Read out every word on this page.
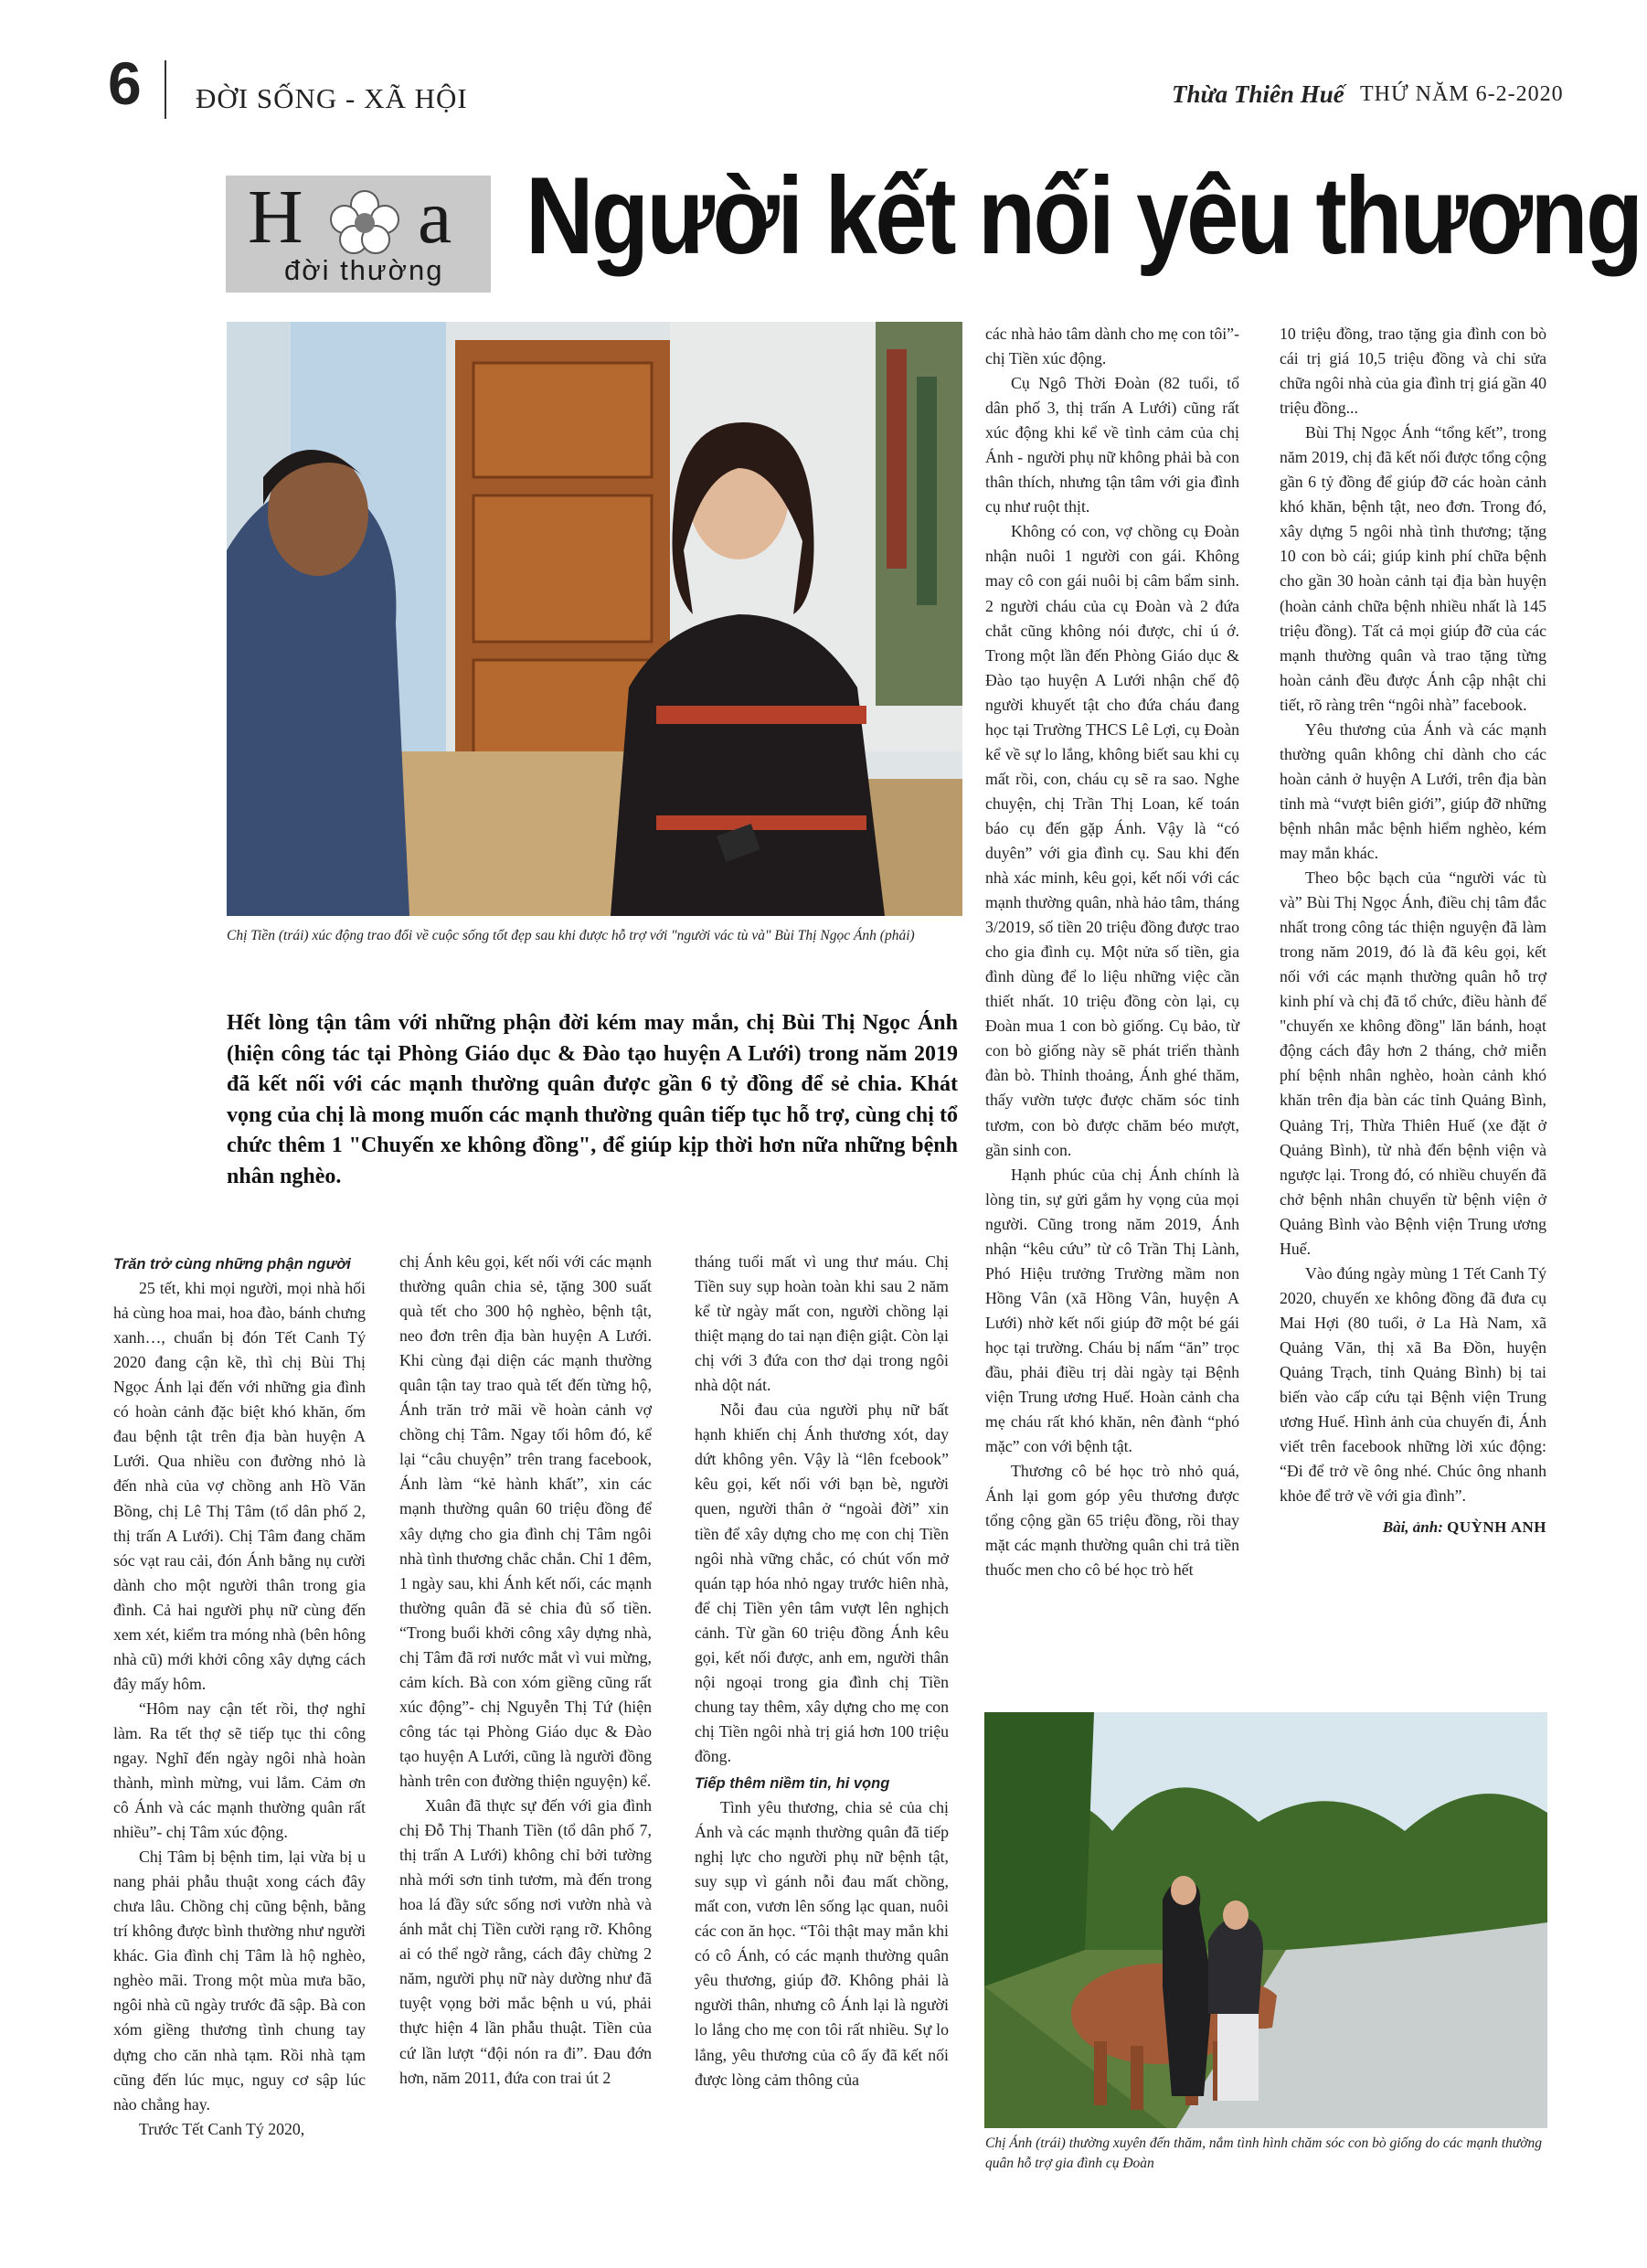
6 ĐỜI SỐNG - XÃ HỘI	Thừa Thiên Huế THỨ NĂM 6-2-2020
H a
đời thường Người kết nối yêu thương
Chị Tiền (trái) xúc động trao đổi về cuộc sống tốt đẹp sau khi được hỗ trợ với "người vác tù và" Bùi Thị Ngọc Ánh (phải)
Hết lòng tận tâm với những phận đời kém may mắn, chị Bùi Thị Ngọc Ánh (hiện công tác tại Phòng Giáo dục & Đào tạo huyện A Lưới) trong năm 2019 đã kết nối với các mạnh thường quân được gần 6 tỷ đồng để sẻ chia. Khát vọng của chị là mong muốn các mạnh thường quân tiếp tục hỗ trợ, cùng chị tổ chức thêm 1 "Chuyến xe không đồng", để giúp kịp thời hơn nữa những bệnh nhân nghèo.

Trăn trở cùng những phận người

25 tết, khi mọi người, mọi nhà hối hả cùng hoa mai, hoa đào, bánh chưng xanh…, chuẩn bị đón Tết Canh Tý 2020 đang cận kề, thì chị Bùi Thị Ngọc Ánh lại đến với những gia đình có hoàn cảnh đặc biệt khó khăn, ốm đau bệnh tật trên địa bàn huyện A Lưới. Qua nhiều con đường nhỏ là đến nhà của vợ chồng anh Hồ Văn Bồng, chị Lê Thị Tâm (tổ dân phố 2, thị trấn A Lưới). Chị Tâm đang chăm sóc vạt rau cải, đón Ánh bằng nụ cười dành cho một người thân trong gia đình. Cả hai người phụ nữ cùng đến xem xét, kiểm tra móng nhà (bên hông nhà cũ) mới khởi công xây dựng cách đây mấy hôm.

“Hôm nay cận tết rồi, thợ nghỉ làm. Ra tết thợ sẽ tiếp tục thi công ngay. Nghĩ đến ngày ngôi nhà hoàn thành, mình mừng, vui lắm. Cảm ơn cô Ánh và các mạnh thường quân rất nhiều”- chị Tâm xúc động.

Chị Tâm bị bệnh tim, lại vừa bị u nang phải phẫu thuật xong cách đây chưa lâu. Chồng chị cũng bệnh, bằng trí không được bình thường như người khác. Gia đình chị Tâm là hộ nghèo, nghèo mãi. Trong một mùa mưa bão, ngôi nhà cũ ngày trước đã sập. Bà con xóm giềng thương tình chung tay dựng cho căn nhà tạm. Rồi nhà tạm cũng đến lúc mục, nguy cơ sập lúc nào chẳng hay.

Trước Tết Canh Tý 2020,

chị Ánh kêu gọi, kết nối với các mạnh thường quân chia sẻ, tặng 300 suất quà tết cho 300 hộ nghèo, bệnh tật, neo đơn trên địa bàn huyện A Lưới. Khi cùng đại diện các mạnh thường quân tận tay trao quà tết đến từng hộ, Ánh trăn trở mãi về hoàn cảnh vợ chồng chị Tâm. Ngay tối hôm đó, kể lại “câu chuyện” trên trang facebook, Ánh làm “kẻ hành khất”, xin các mạnh thường quân 60 triệu đồng để xây dựng cho gia đình chị Tâm ngôi nhà tình thương chắc chắn. Chỉ 1 đêm, 1 ngày sau, khi Ánh kết nối, các mạnh thường quân đã sẻ chia đủ số tiền. “Trong buổi khởi công xây dựng nhà, chị Tâm đã rơi nước mắt vì vui mừng, cảm kích. Bà con xóm giềng cũng rất xúc động”- chị Nguyễn Thị Tứ (hiện công tác tại Phòng Giáo dục & Đào tạo huyện A Lưới, cũng là người đồng hành trên con đường thiện nguyện) kể.

Xuân đã thực sự đến với gia đình chị Đỗ Thị Thanh Tiền (tổ dân phố 7, thị trấn A Lưới) không chỉ bởi tường nhà mới sơn tinh tươm, mà đến trong hoa lá đầy sức sống nơi vườn nhà và ánh mắt chị Tiền cười rạng rỡ. Không ai có thể ngờ rằng, cách đây chừng 2 năm, người phụ nữ này dường như đã tuyệt vọng bởi mắc bệnh u vú, phải thực hiện 4 lần phẫu thuật. Tiền của cứ lần lượt “đội nón ra đi”. Đau đớn hơn, năm 2011, đứa con trai út 2

tháng tuổi mất vì ung thư máu. Chị Tiền suy sụp hoàn toàn khi sau 2 năm kể từ ngày mất con, người chồng lại thiệt mạng do tai nạn điện giật. Còn lại chị với 3 đứa con thơ dại trong ngôi nhà dột nát.

Nỗi đau của người phụ nữ bất hạnh khiến chị Ánh thương xót, day dứt không yên. Vậy là “lên fcebook” kêu gọi, kết nối với bạn bè, người quen, người thân ở “ngoài đời” xin tiền để xây dựng cho mẹ con chị Tiền ngôi nhà vững chắc, có chút vốn mở quán tạp hóa nhỏ ngay trước hiên nhà, để chị Tiền yên tâm vượt lên nghịch cảnh. Từ gần 60 triệu đồng Ánh kêu gọi, kết nối được, anh em, người thân nội ngoại trong gia đình chị Tiền chung tay thêm, xây dựng cho mẹ con chị Tiền ngôi nhà trị giá hơn 100 triệu đồng.

Tiếp thêm niềm tin, hi vọng

Tình yêu thương, chia sẻ của chị Ánh và các mạnh thường quân đã tiếp nghị lực cho người phụ nữ bệnh tật, suy sụp vì gánh nỗi đau mất chồng, mất con, vươn lên sống lạc quan, nuôi các con ăn học. “Tôi thật may mắn khi có cô Ánh, có các mạnh thường quân yêu thương, giúp đỡ. Không phải là người thân, nhưng cô Ánh lại là người lo lắng cho mẹ con tôi rất nhiều. Sự lo lắng, yêu thương của cô ấy đã kết nối được lòng cảm thông của

các nhà hảo tâm dành cho mẹ con tôi”- chị Tiền xúc động.

Cụ Ngô Thời Đoàn (82 tuổi, tổ dân phố 3, thị trấn A Lưới) cũng rất xúc động khi kể về tình cảm của chị Ánh - người phụ nữ không phải bà con thân thích, nhưng tận tâm với gia đình cụ như ruột thịt.

Không có con, vợ chồng cụ Đoàn nhận nuôi 1 người con gái. Không may cô con gái nuôi bị câm bẩm sinh. 2 người cháu của cụ Đoàn và 2 đứa chắt cũng không nói được, chỉ ú ớ. Trong một lần đến Phòng Giáo dục & Đào tạo huyện A Lưới nhận chế độ người khuyết tật cho đứa cháu đang học tại Trường THCS Lê Lợi, cụ Đoàn kể về sự lo lắng, không biết sau khi cụ mất rồi, con, cháu cụ sẽ ra sao. Nghe chuyện, chị Trần Thị Loan, kế toán báo cụ đến gặp Ánh. Vậy là “có duyên” với gia đình cụ. Sau khi đến nhà xác minh, kêu gọi, kết nối với các mạnh thường quân, nhà hảo tâm, tháng 3/2019, số tiền 20 triệu đồng được trao cho gia đình cụ. Một nửa số tiền, gia đình dùng để lo liệu những việc cần thiết nhất. 10 triệu đồng còn lại, cụ Đoàn mua 1 con bò giống. Cụ bảo, từ con bò giống này sẽ phát triển thành đàn bò. Thỉnh thoảng, Ánh ghé thăm, thấy vườn tược được chăm sóc tinh tươm, con bò được chăm béo mượt, gần sinh con.

Hạnh phúc của chị Ánh chính là lòng tin, sự gửi gắm hy vọng của mọi người. Cũng trong năm 2019, Ánh nhận “kêu cứu” từ cô Trần Thị Lành, Phó Hiệu trưởng Trường mầm non Hồng Vân (xã Hồng Vân, huyện A Lưới) nhờ kết nối giúp đỡ một bé gái học tại trường. Cháu bị nấm “ăn” trọc đầu, phải điều trị dài ngày tại Bệnh viện Trung ương Huế. Hoàn cảnh cha mẹ cháu rất khó khăn, nên đành “phó mặc” con với bệnh tật.

Thương cô bé học trò nhỏ quá, Ánh lại gom góp yêu thương được tổng cộng gần 65 triệu đồng, rồi thay mặt các mạnh thường quân chi trả tiền thuốc men cho cô bé học trò hết

10 triệu đồng, trao tặng gia đình con bò cái trị giá 10,5 triệu đồng và chi sửa chữa ngôi nhà của gia đình trị giá gần 40 triệu đồng...

Bùi Thị Ngọc Ánh “tổng kết”, trong năm 2019, chị đã kết nối được tổng cộng gần 6 tỷ đồng để giúp đỡ các hoàn cảnh khó khăn, bệnh tật, neo đơn. Trong đó, xây dựng 5 ngôi nhà tình thương; tặng 10 con bò cái; giúp kinh phí chữa bệnh cho gần 30 hoàn cảnh tại địa bàn huyện (hoàn cảnh chữa bệnh nhiều nhất là 145 triệu đồng). Tất cả mọi giúp đỡ của các mạnh thường quân và trao tặng từng hoàn cảnh đều được Ánh cập nhật chi tiết, rõ ràng trên “ngôi nhà” facebook.

Yêu thương của Ánh và các mạnh thường quân không chỉ dành cho các hoàn cảnh ở huyện A Lưới, trên địa bàn tỉnh mà “vượt biên giới”, giúp đỡ những bệnh nhân mắc bệnh hiểm nghèo, kém may mắn khác.

Theo bộc bạch của “người vác tù và” Bùi Thị Ngọc Ánh, điều chị tâm đắc nhất trong công tác thiện nguyện đã làm trong năm 2019, đó là đã kêu gọi, kết nối với các mạnh thường quân hỗ trợ kinh phí và chị đã tổ chức, điều hành để "chuyến xe không đồng" lăn bánh, hoạt động cách đây hơn 2 tháng, chở miễn phí bệnh nhân nghèo, hoàn cảnh khó khăn trên địa bàn các tỉnh Quảng Bình, Quảng Trị, Thừa Thiên Huế (xe đặt ở Quảng Bình), từ nhà đến bệnh viện và ngược lại. Trong đó, có nhiều chuyến đã chở bệnh nhân chuyển từ bệnh viện ở Quảng Bình vào Bệnh viện Trung ương Huế.

Vào đúng ngày mùng 1 Tết Canh Tý 2020, chuyến xe không đồng đã đưa cụ Mai Hợi (80 tuổi, ở La Hà Nam, xã Quảng Văn, thị xã Ba Đồn, huyện Quảng Trạch, tỉnh Quảng Bình) bị tai biến vào cấp cứu tại Bệnh viện Trung ương Huế. Hình ảnh của chuyến đi, Ánh viết trên facebook những lời xúc động: “Đi để trở về ông nhé. Chúc ông nhanh khỏe để trở về với gia đình”.

Bài, ảnh: QUỲNH ANH
Chị Ánh (trái) thường xuyên đến thăm, nắm tình hình chăm sóc con bò giống do các mạnh thường quân hỗ trợ gia đình cụ Đoàn
